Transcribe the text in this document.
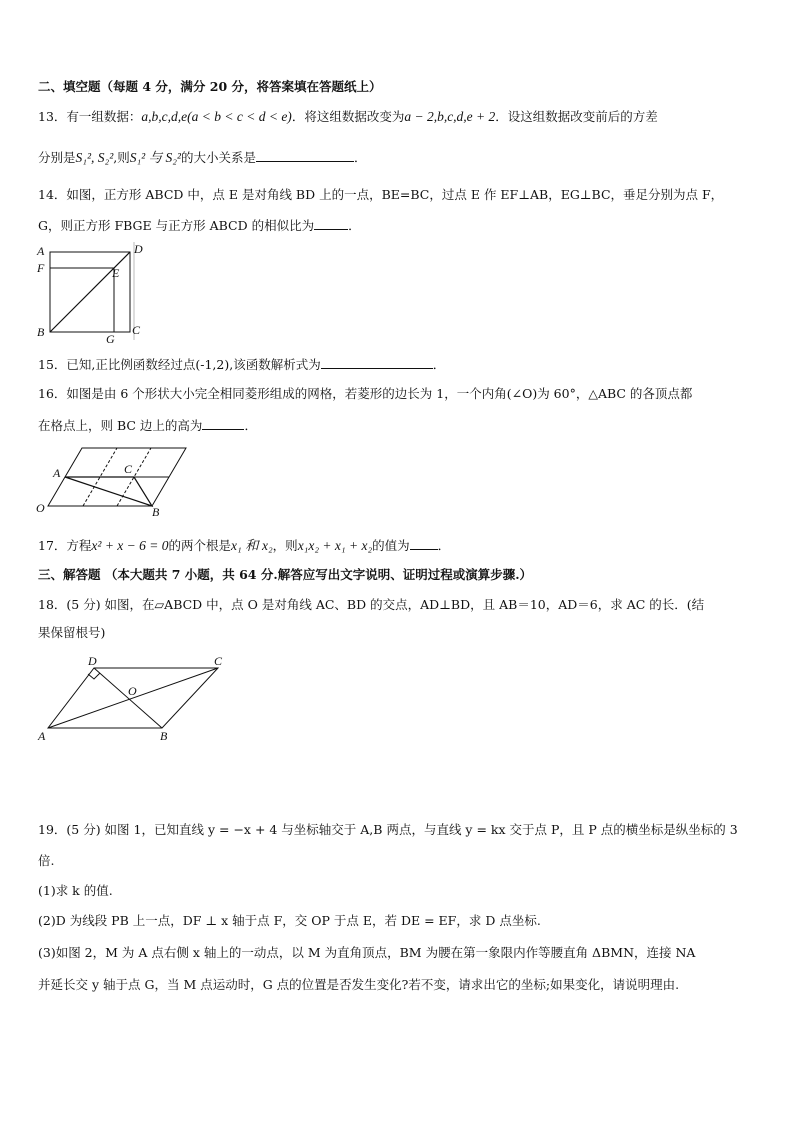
二、填空题（每题 4 分，满分 20 分，将答案填在答题纸上）
13．有一组数据：a,b,c,d,e(a < b < c < d < e)．将这组数据改变为a − 2,b,c,d,e + 2．设这组数据改变前后的方差
分别是S₁², S₂²,则S₁² 与 S₂²的大小关系是	．
14．如图，正方形 ABCD 中，点 E 是对角线 BD 上的一点，BE=BC，过点 E 作 EF⊥AB，EG⊥BC，垂足分别为点 F，
G，则正方形 FBGE 与正方形 ABCD 的相似比为	．
A	D
F	E
B	G
C
15．已知,正比例函数经过点(-1,2),该函数解析式为	．
16．如图是由 6 个形状大小完全相同菱形组成的网格，若菱形的边长为 1，一个内角(∠O)为 60°，△ABC 的各顶点都
在格点上，则 BC 边上的高为	．
A	C
O	B
17．方程x² + x − 6 = 0的两个根是x₁ 和 x₂，则x₁x₂ + x₁ + x₂的值为 ．
三、解答题 （本大题共 7 小题，共 64 分.解答应写出文字说明、证明过程或演算步骤.）
18．(5 分) 如图，在▱ABCD 中，点 O 是对角线 AC、BD 的交点，AD⊥BD，且 AB＝10，AD＝6，求 AC 的长．(结
果保留根号)
D	C
O
A	B
19．(5 分) 如图 1，已知直线 y = −x + 4 与坐标轴交于 A,B 两点，与直线 y = kx 交于点 P，且 P 点的横坐标是纵坐标的 3
倍.
(1)求 k 的值.
(2)D 为线段 PB 上一点，DF ⊥ x 轴于点 F，交 OP 于点 E，若 DE = EF，求 D 点坐标.
(3)如图 2，M 为 A 点右侧 x 轴上的一动点，以 M 为直角顶点，BM 为腰在第一象限内作等腰直角 ΔBMN，连接 NA
并延长交 y 轴于点 G，当 M 点运动时，G 点的位置是否发生变化?若不变，请求出它的坐标;如果变化，请说明理由.
